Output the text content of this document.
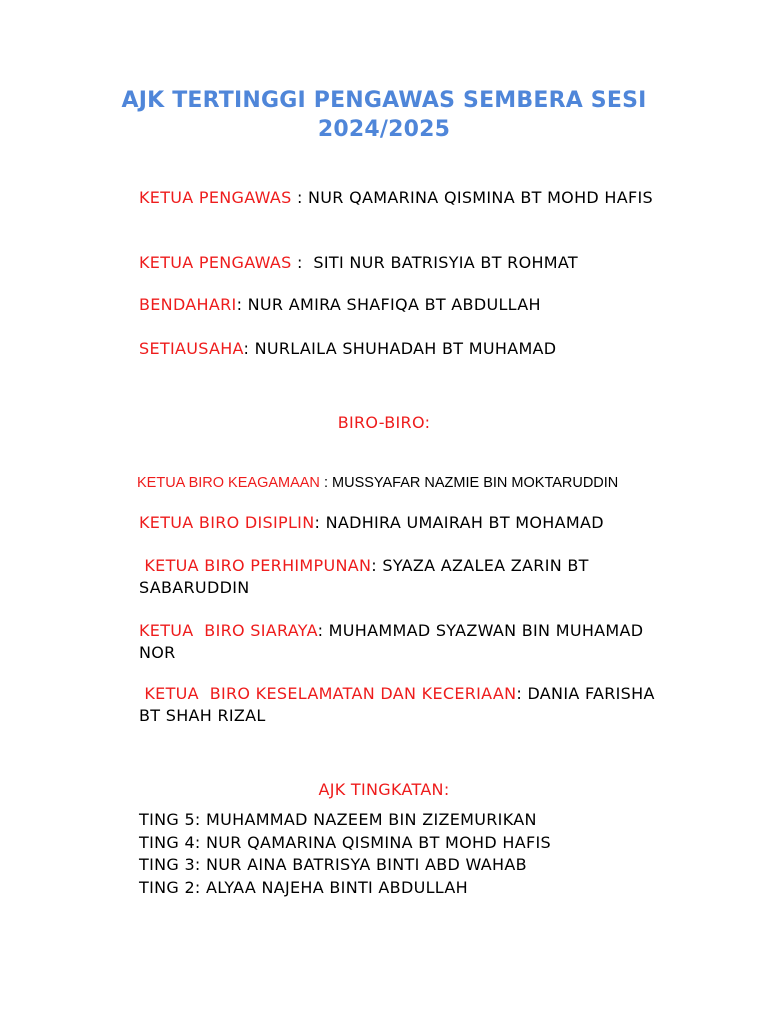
AJK TERTINGGI PENGAWAS SEMBERA SESI
2024/2025
KETUA PENGAWAS : NUR QAMARINA QISMINA BT MOHD HAFIS
KETUA PENGAWAS :  SITI NUR BATRISYIA BT ROHMAT
BENDAHARI: NUR AMIRA SHAFIQA BT ABDULLAH
SETIAUSAHA: NURLAILA SHUHADAH BT MUHAMAD
BIRO-BIRO:
KETUA BIRO KEAGAMAAN : MUSSYAFAR NAZMIE BIN MOKTARUDDIN
KETUA BIRO DISIPLIN: NADHIRA UMAIRAH BT MOHAMAD
KETUA BIRO PERHIMPUNAN: SYAZA AZALEA ZARIN BT SABARUDDIN
KETUA  BIRO SIARAYA: MUHAMMAD SYAZWAN BIN MUHAMAD NOR
KETUA  BIRO KESELAMATAN DAN KECERIAAN: DANIA FARISHA BT SHAH RIZAL
AJK TINGKATAN:
TING 5: MUHAMMAD NAZEEM BIN ZIZEMURIKAN
TING 4: NUR QAMARINA QISMINA BT MOHD HAFIS
TING 3: NUR AINA BATRISYA BINTI ABD WAHAB
TING 2: ALYAA NAJEHA BINTI ABDULLAH
